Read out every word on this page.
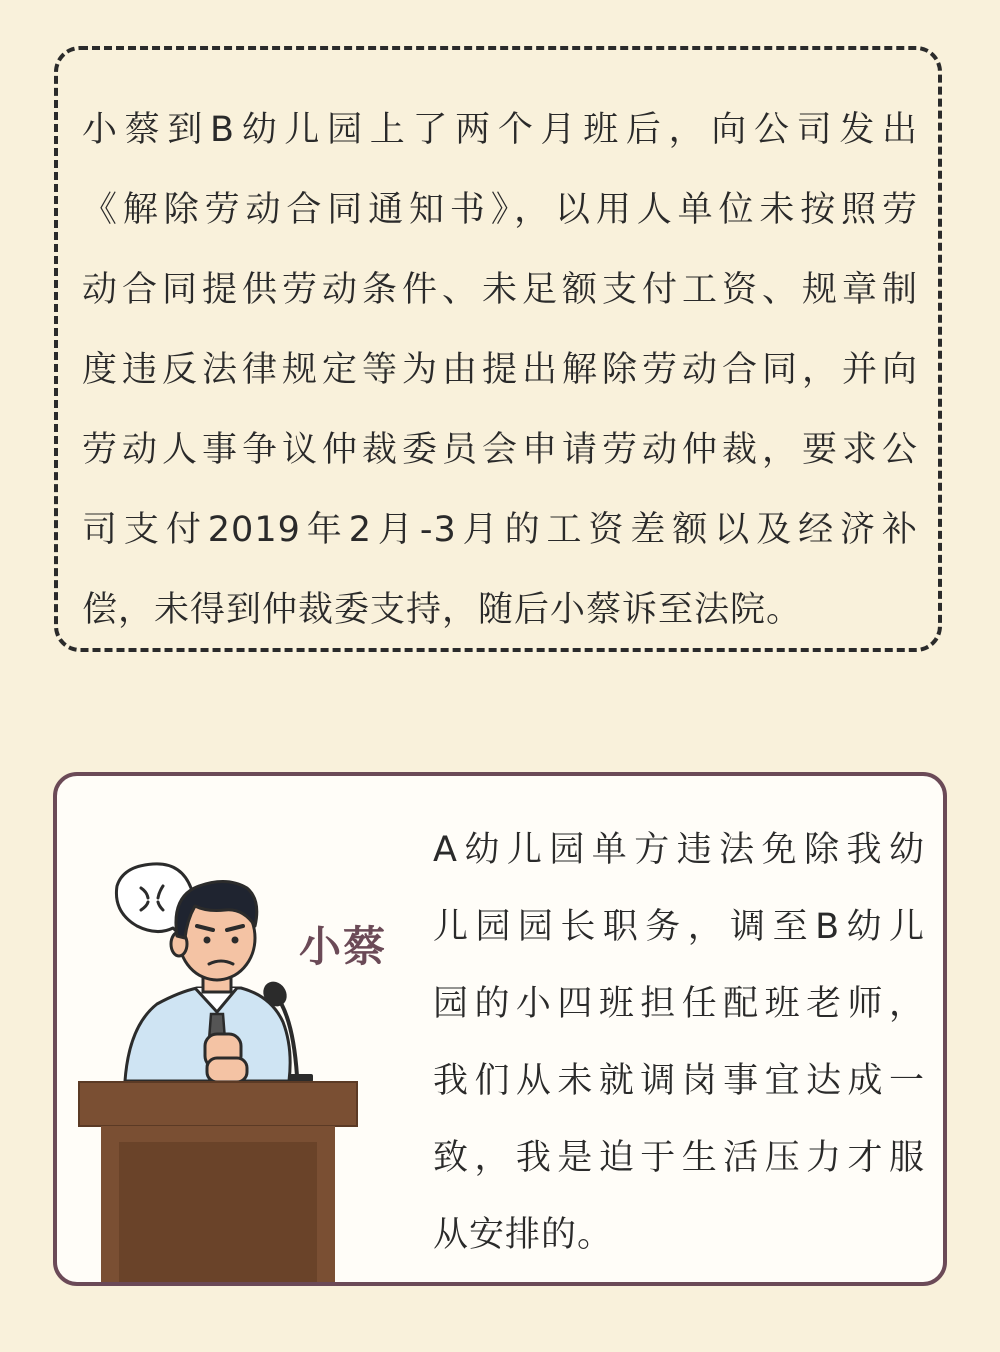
小蔡到B幼儿园上了两个月班后，向公司发出
《解除劳动合同通知书》，以用人单位未按照劳
动合同提供劳动条件、未足额支付工资、规章制
度违反法律规定等为由提出解除劳动合同，并向
劳动人事争议仲裁委员会申请劳动仲裁，要求公
司支付2019年2月-3月的工资差额以及经济补
偿，未得到仲裁委支持，随后小蔡诉至法院。
小蔡
A幼儿园单方违法免除我幼
儿园园长职务，调至B幼儿
园的小四班担任配班老师，
我们从未就调岗事宜达成一
致，我是迫于生活压力才服
从安排的。
